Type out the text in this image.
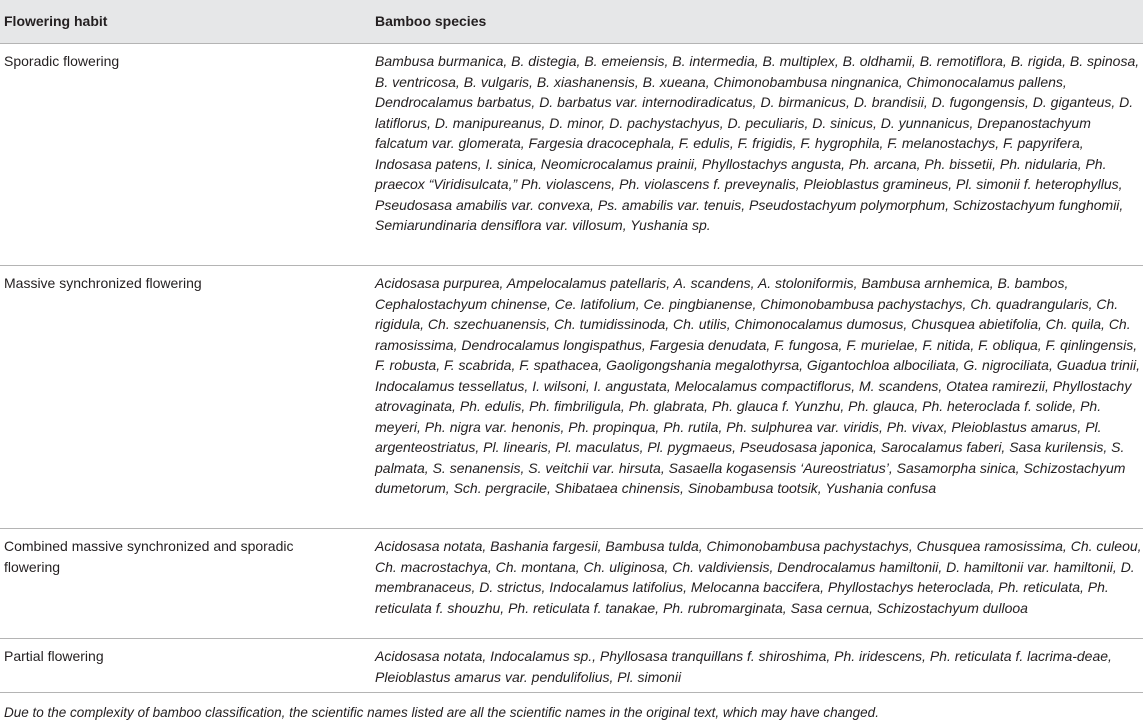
Flowering habit	Bamboo species
Sporadic flowering	Bambusa burmanica, B. distegia, B. emeiensis, B. intermedia, B. multiplex, B. oldhamii, B. remotiflora, B. rigida, B. spinosa, B. ventricosa, B. vulgaris, B. xiashanensis, B. xueana, Chimonobambusa ningnanica, Chimonocalamus pallens, Dendrocalamus barbatus, D. barbatus var. internodiradicatus, D. birmanicus, D. brandisii, D. fugongensis, D. giganteus, D. latiflorus, D. manipureanus, D. minor, D. pachystachyus, D. peculiaris, D. sinicus, D. yunnanicus, Drepanostachyum falcatum var. glomerata, Fargesia dracocephala, F. edulis, F. frigidis, F. hygrophila, F. melanostachys, F. papyrifera, Indosasa patens, I. sinica, Neomicrocalamus prainii, Phyllostachys angusta, Ph. arcana, Ph. bissetii, Ph. nidularia, Ph. praecox “Viridisulcata,” Ph. violascens, Ph. violascens f. preveynalis, Pleioblastus gramineus, Pl. simonii f. heterophyllus, Pseudosasa amabilis var. convexa, Ps. amabilis var. tenuis, Pseudostachyum polymorphum, Schizostachyum funghomii, Semiarundinaria densiflora var. villosum, Yushania sp.
Massive synchronized flowering	Acidosasa purpurea, Ampelocalamus patellaris, A. scandens, A. stoloniformis, Bambusa arnhemica, B. bambos, Cephalostachyum chinense, Ce. latifolium, Ce. pingbianense, Chimonobambusa pachystachys, Ch. quadrangularis, Ch. rigidula, Ch. szechuanensis, Ch. tumidissinoda, Ch. utilis, Chimonocalamus dumosus, Chusquea abietifolia, Ch. quila, Ch. ramosissima, Dendrocalamus longispathus, Fargesia denudata, F. fungosa, F. murielae, F. nitida, F. obliqua, F. qinlingensis, F. robusta, F. scabrida, F. spathacea, Gaoligongshania megalothyrsa, Gigantochloa albociliata, G. nigrociliata, Guadua trinii, Indocalamus tessellatus, I. wilsoni, I. angustata, Melocalamus compactiflorus, M. scandens, Otatea ramirezii, Phyllostachy atrovaginata, Ph. edulis, Ph. fimbriligula, Ph. glabrata, Ph. glauca f. Yunzhu, Ph. glauca, Ph. heteroclada f. solide, Ph. meyeri, Ph. nigra var. henonis, Ph. propinqua, Ph. rutila, Ph. sulphurea var. viridis, Ph. vivax, Pleioblastus amarus, Pl. argenteostriatus, Pl. linearis, Pl. maculatus, Pl. pygmaeus, Pseudosasa japonica, Sarocalamus faberi, Sasa kurilensis, S. palmata, S. senanensis, S. veitchii var. hirsuta, Sasaella kogasensis ‘Aureostriatus’, Sasamorpha sinica, Schizostachyum dumetorum, Sch. pergracile, Shibataea chinensis, Sinobambusa tootsik, Yushania confusa
Combined massive synchronized and sporadic flowering	Acidosasa notata, Bashania fargesii, Bambusa tulda, Chimonobambusa pachystachys, Chusquea ramosissima, Ch. culeou, Ch. macrostachya, Ch. montana, Ch. uliginosa, Ch. valdiviensis, Dendrocalamus hamiltonii, D. hamiltonii var. hamiltonii, D. membranaceus, D. strictus, Indocalamus latifolius, Melocanna baccifera, Phyllostachys heteroclada, Ph. reticulata, Ph. reticulata f. shouzhu, Ph. reticulata f. tanakae, Ph. rubromarginata, Sasa cernua, Schizostachyum dullooa
Partial flowering	Acidosasa notata, Indocalamus sp., Phyllosasa tranquillans f. shiroshima, Ph. iridescens, Ph. reticulata f. lacrima-deae, Pleioblastus amarus var. pendulifolius, Pl. simonii
Due to the complexity of bamboo classification, the scientific names listed are all the scientific names in the original text, which may have changed.
